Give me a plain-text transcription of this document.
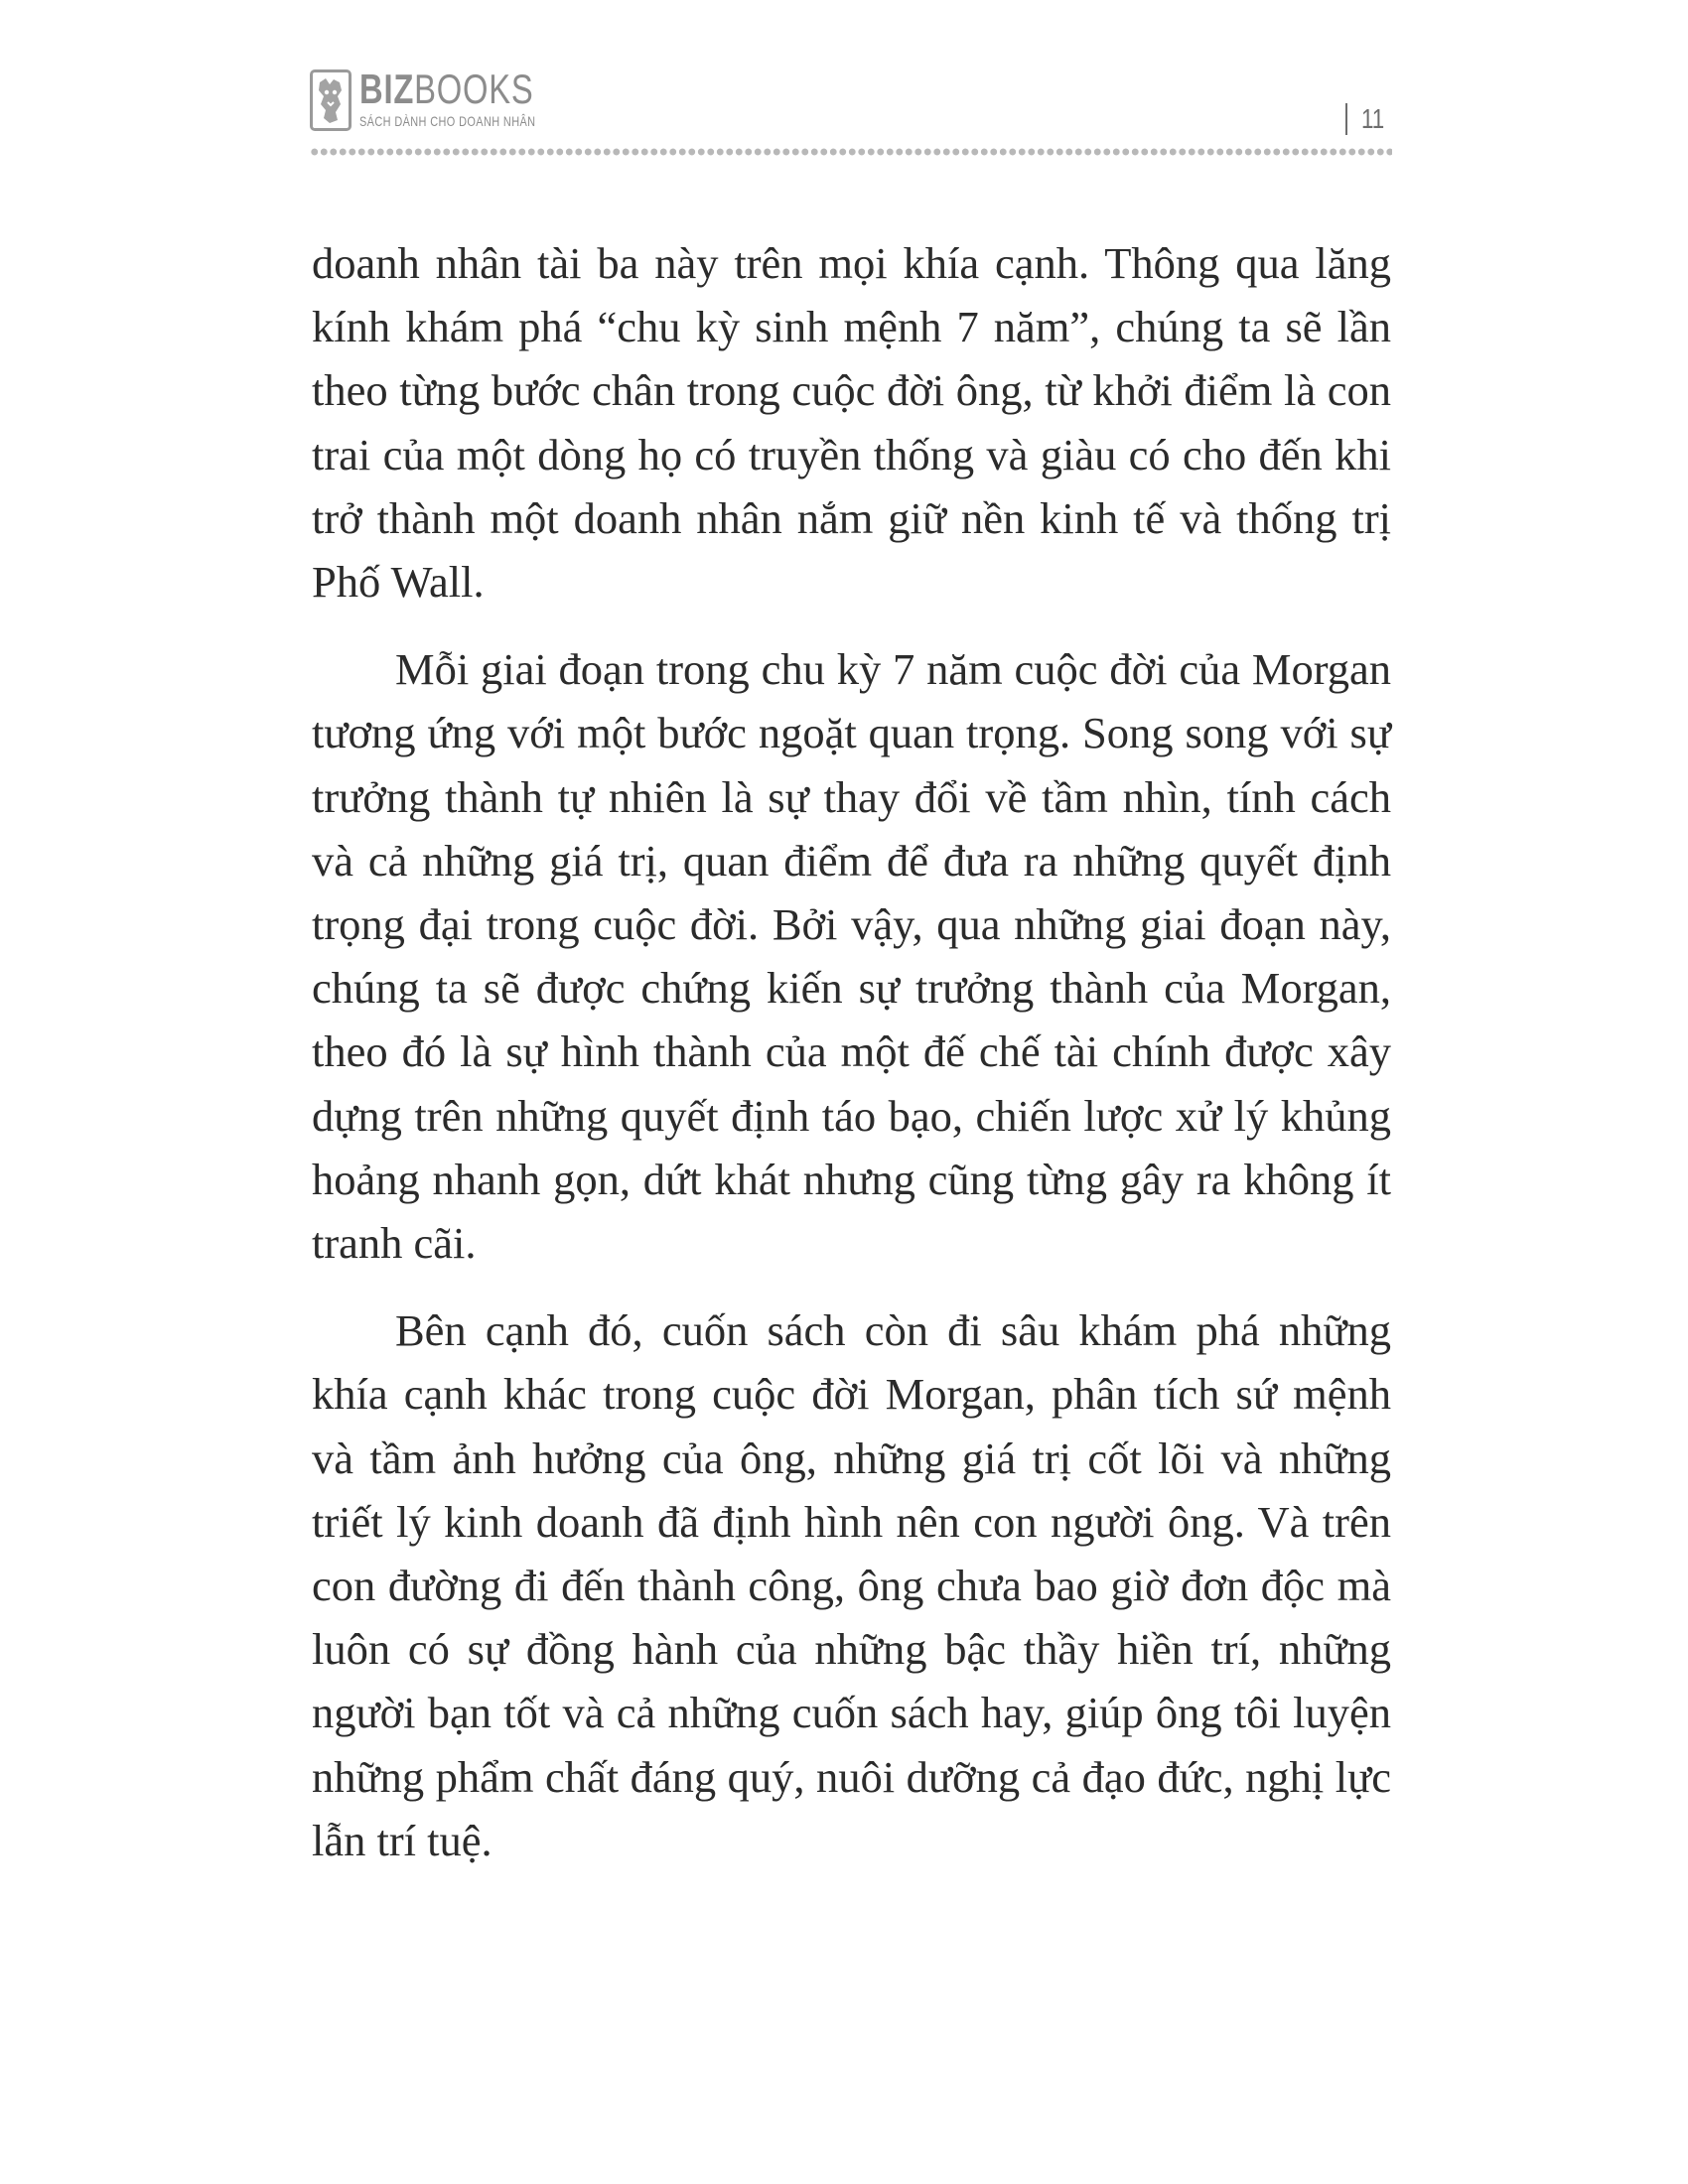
BIZBOOKS
SÁCH DÀNH CHO DOANH NHÂN	11

doanh nhân tài ba này trên mọi khía cạnh. Thông qua lăng kính khám phá “chu kỳ sinh mệnh 7 năm”, chúng ta sẽ lần theo từng bước chân trong cuộc đời ông, từ khởi điểm là con trai của một dòng họ có truyền thống và giàu có cho đến khi trở thành một doanh nhân nắm giữ nền kinh tế và thống trị Phố Wall.

Mỗi giai đoạn trong chu kỳ 7 năm cuộc đời của Morgan tương ứng với một bước ngoặt quan trọng. Song song với sự trưởng thành tự nhiên là sự thay đổi về tầm nhìn, tính cách và cả những giá trị, quan điểm để đưa ra những quyết định trọng đại trong cuộc đời. Bởi vậy, qua những giai đoạn này, chúng ta sẽ được chứng kiến sự trưởng thành của Morgan, theo đó là sự hình thành của một đế chế tài chính được xây dựng trên những quyết định táo bạo, chiến lược xử lý khủng hoảng nhanh gọn, dứt khát nhưng cũng từng gây ra không ít tranh cãi.

Bên cạnh đó, cuốn sách còn đi sâu khám phá những khía cạnh khác trong cuộc đời Morgan, phân tích sứ mệnh và tầm ảnh hưởng của ông, những giá trị cốt lõi và những triết lý kinh doanh đã định hình nên con người ông. Và trên con đường đi đến thành công, ông chưa bao giờ đơn độc mà luôn có sự đồng hành của những bậc thầy hiền trí, những người bạn tốt và cả những cuốn sách hay, giúp ông tôi luyện những phẩm chất đáng quý, nuôi dưỡng cả đạo đức, nghị lực lẫn trí tuệ.
